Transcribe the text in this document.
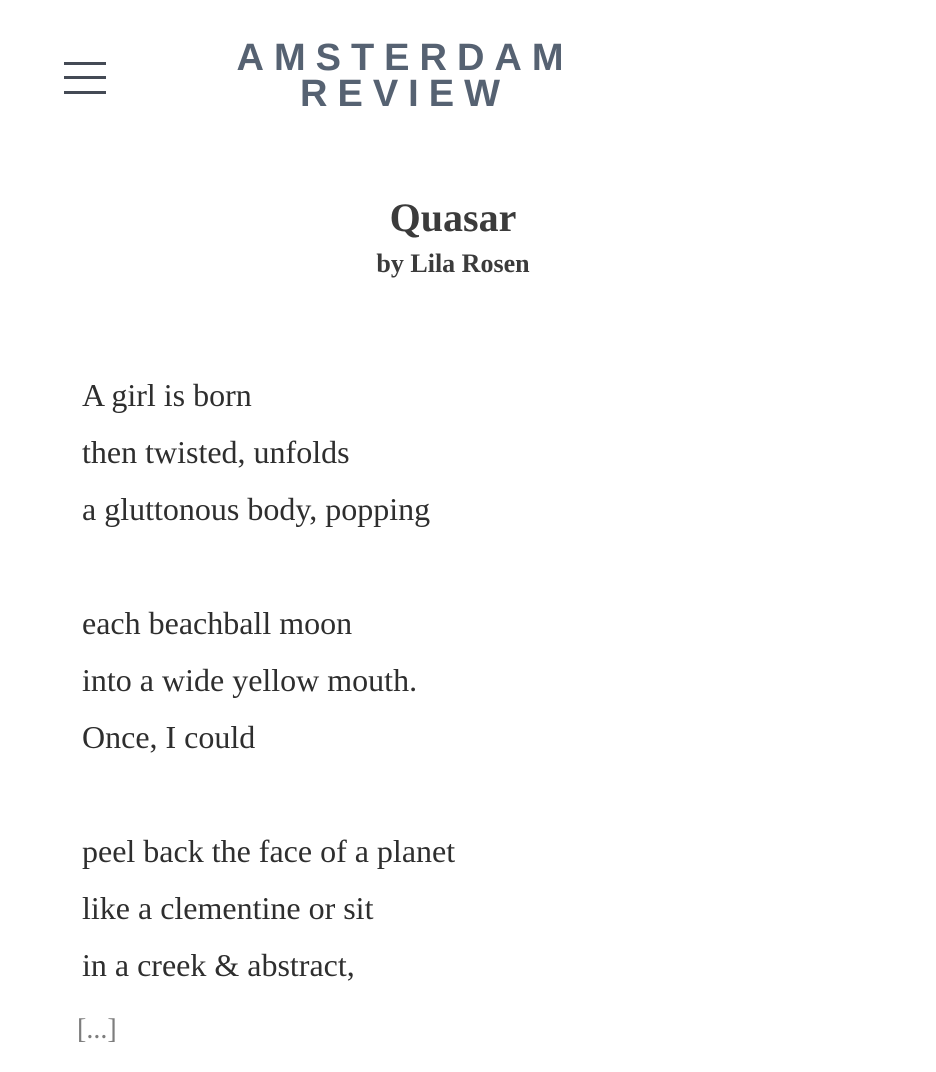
AMSTERDAM
REVIEW
Quasar
by Lila Rosen
A girl is born
then twisted, unfolds
a gluttonous body, popping
each beachball moon
into a wide yellow mouth.
Once, I could
peel back the face of a planet
like a clementine or sit
in a creek & abstract,
[...]
